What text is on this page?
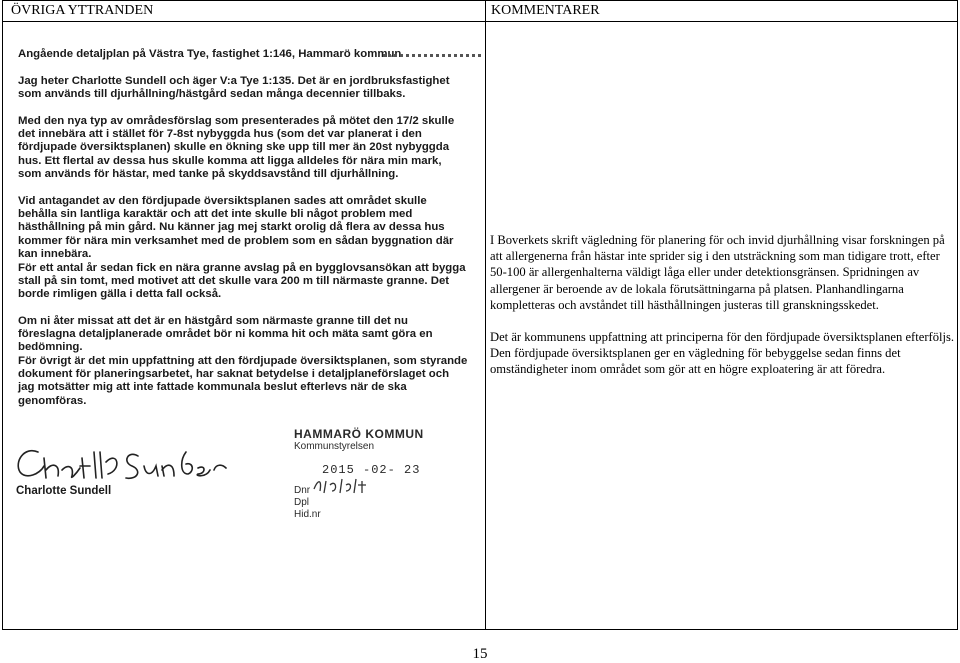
ÖVRIGA YTTRANDEN	KOMMENTARER
Angående detaljplan på Västra Tye, fastighet 1:146, Hammarö kommun
Jag heter Charlotte Sundell och äger V:a Tye 1:135. Det är en jordbruksfastighet som används till djurhållning/hästgård sedan många decennier tillbaks.
Med den nya typ av områdesförslag som presenterades på mötet den 17/2 skulle det innebära att i stället för 7-8st nybyggda hus (som det var planerat i den fördjupade översiktsplanen) skulle en ökning ske upp till mer än 20st nybyggda hus. Ett flertal av dessa hus skulle komma att ligga alldeles för nära min mark, som används för hästar, med tanke på skyddsavstånd till djurhållning.
Vid antagandet av den fördjupade översiktsplanen sades att området skulle behålla sin lantliga karaktär och att det inte skulle bli något problem med hästhållning på min gård. Nu känner jag mej starkt orolig då flera av dessa hus kommer för nära min verksamhet med de problem som en sådan byggnation där kan innebära.
För ett antal år sedan fick en nära granne avslag på en bygglovsansökan att bygga stall på sin tomt, med motivet att det skulle vara 200 m till närmaste granne. Det borde rimligen gälla i detta fall också.
Om ni åter missat att det är en hästgård som närmaste granne till det nu föreslagna detaljplanerade området bör ni komma hit och mäta samt göra en bedömning.
För övrigt är det min uppfattning att den fördjupade översiktsplanen, som styrande dokument för planeringsarbetet, har saknat betydelse i detaljplaneförslaget och jag motsätter mig att inte fattade kommunala beslut efterlevs när de ska genomföras.
Charlotte Sundell
HAMMARÖ KOMMUN
Kommunstyrelsen
2015 -02- 23
Dnr
Dpl
Hid.nr

I Boverkets skrift vägledning för planering för och invid djurhållning visar forskningen på att allergenerna från hästar inte sprider sig i den utsträckning som man tidigare trott, efter 50-100 är allergenhalterna väldigt låga eller under detektionsgränsen. Spridningen av allergener är beroende av de lokala förutsättningarna på platsen. Planhandlingarna kompletteras och avståndet till hästhållningen justeras till granskningsskedet.

Det är kommunens uppfattning att principerna för den fördjupade översiktsplanen efterföljs. Den fördjupade översiktsplanen ger en vägledning för bebyggelse sedan finns det omständigheter inom området som gör att en högre exploatering är att föredra.

15
